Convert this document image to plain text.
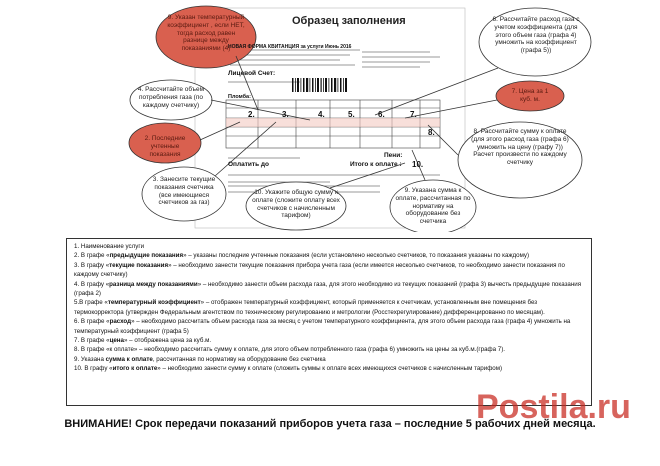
Образец заполнения
НОВАЯ ФОРМА КВИТАНЦИЯ за услуги Июнь 2016
Лицевой Счет:
Пломба:
2.	3.	4.	5.	6.	7.
8.
10.
Оплатить до	Итого к оплате :
Пени:
9. Указан температурный коэффициент , если НЕТ, тогда расход равен разнице между показаниями (4)
4. Рассчитайте объем потребления газа (по каждому счетчику)
2. Последние учтенные показания
3. Занесите текущие показания счетчика (все имеющиеся счетчиков за газ)
10. Укажите общую сумму к оплате (сложите оплату всех счетчиков с начисленным тарифом)
9. Указана сумма к оплате, рассчитанная по нормативу на оборудование без счетчика
8. Рассчитайте сумму к оплате (для этого расход газа (графа 6) умножить на цену (графу 7)) Расчет произвести по каждому счетчику
7. Цена за 1 куб. м.
6. Рассчитайте расход газа с учетом коэффициента (для этого объем газа (графа 4) умножить на коэффициент (графа 5))

1. Наименование услуги

2. В графе «предыдущие показания» – указаны последние учтенные показания (если установлено несколько счетчиков, то показания указаны по каждому)

3. В графу «текущие показания» – необходимо занести текущие показания прибора учета газа (если имеется несколько счетчиков, то необходимо занести показания по каждому счетчику)

4. В графу «разница между показаниями» – необходимо занести объем расхода газа, для этого необходимо из текущих показаний (графа 3) вычесть предыдущие показания (графа 2)

5.В графе «температурный коэффициент» – отображен температурный коэффициент, который применяется к счетчикам, установленным вне помещения без термокорректора (утвержден Федеральным агентством по техническому регулированию и метрологии (Росстехрегулирование) дифференцированно по месяцам).

6. В графе «расход» – необходимо рассчитать объем расхода газа за месяц с учетом температурного коэффициента, для этого объем расхода газа (графа 4) умножить на температурный коэффициент (графа 5)

7. В графе «цена» – отображена цена за куб.м.

8. В графе «к оплате» – необходимо рассчитать сумму к оплате, для этого объем потребленного газа (графа 6) умножить на цены за куб.м.(графа 7).

9. Указана сумма к оплате, рассчитанная по нормативу на оборудование без счетчика

10. В графу «итого к оплате» – необходимо занести сумму к оплате (сложить суммы к оплате всех имеющихся счетчиков с начисленным тарифом)

Postila.ru
ВНИМАНИЕ! Срок передачи показаний приборов учета газа – последние 5 рабочих дней месяца.
